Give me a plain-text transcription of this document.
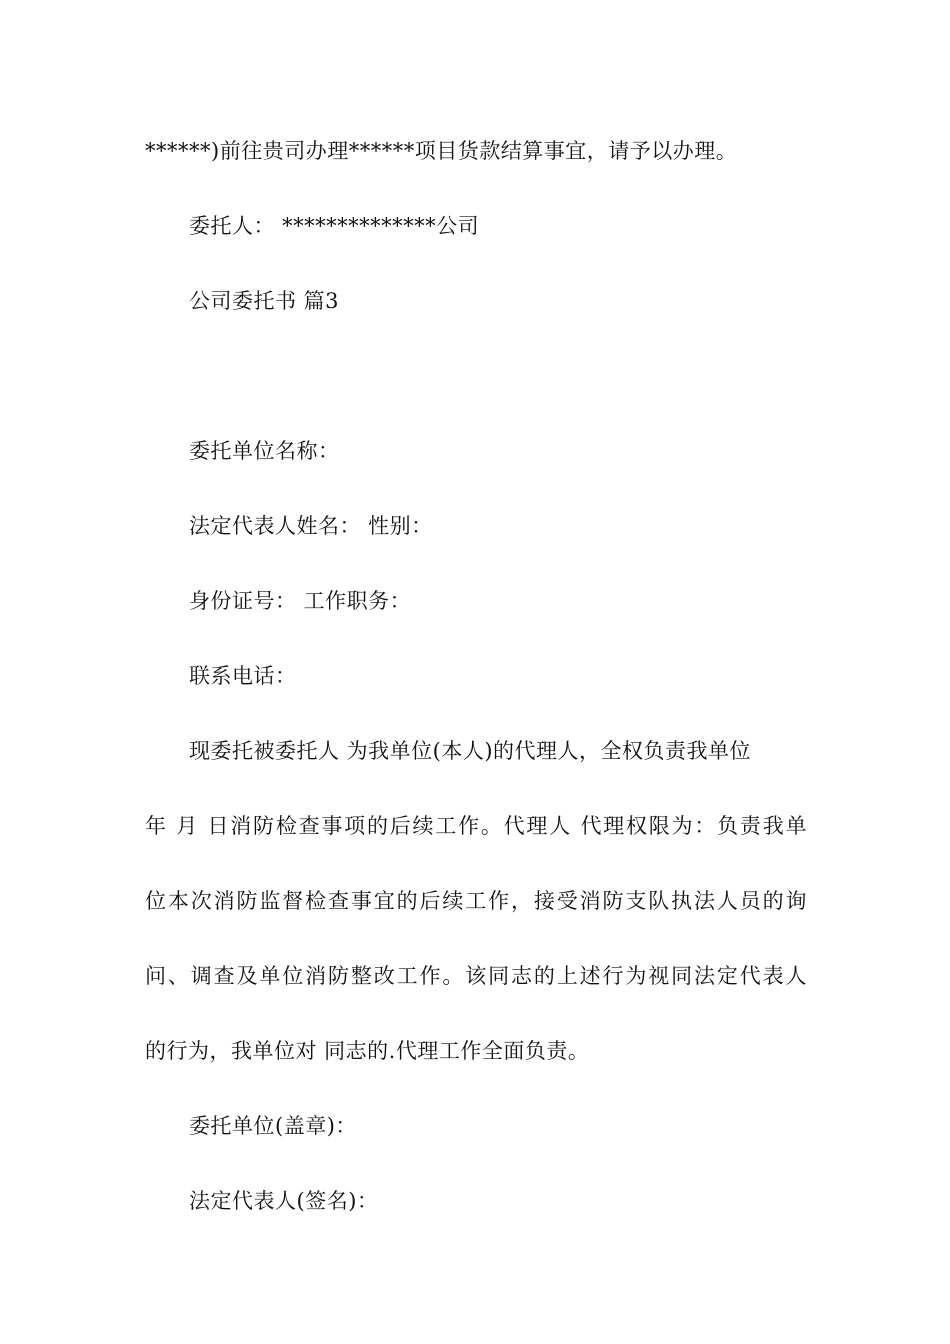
******)前往贵司办理******项目货款结算事宜，请予以办理。
委托人： **************公司
公司委托书 篇3
委托单位名称：
法定代表人姓名： 性别：
身份证号： 工作职务：
联系电话：
现委托被委托人 为我单位(本人)的代理人，全权负责我单位
年 月 日消防检查事项的后续工作。代理人 代理权限为：负责我单
位本次消防监督检查事宜的后续工作，接受消防支队执法人员的询
问、调查及单位消防整改工作。该同志的上述行为视同法定代表人
的行为，我单位对 同志的.代理工作全面负责。
委托单位(盖章)：
法定代表人(签名)：
